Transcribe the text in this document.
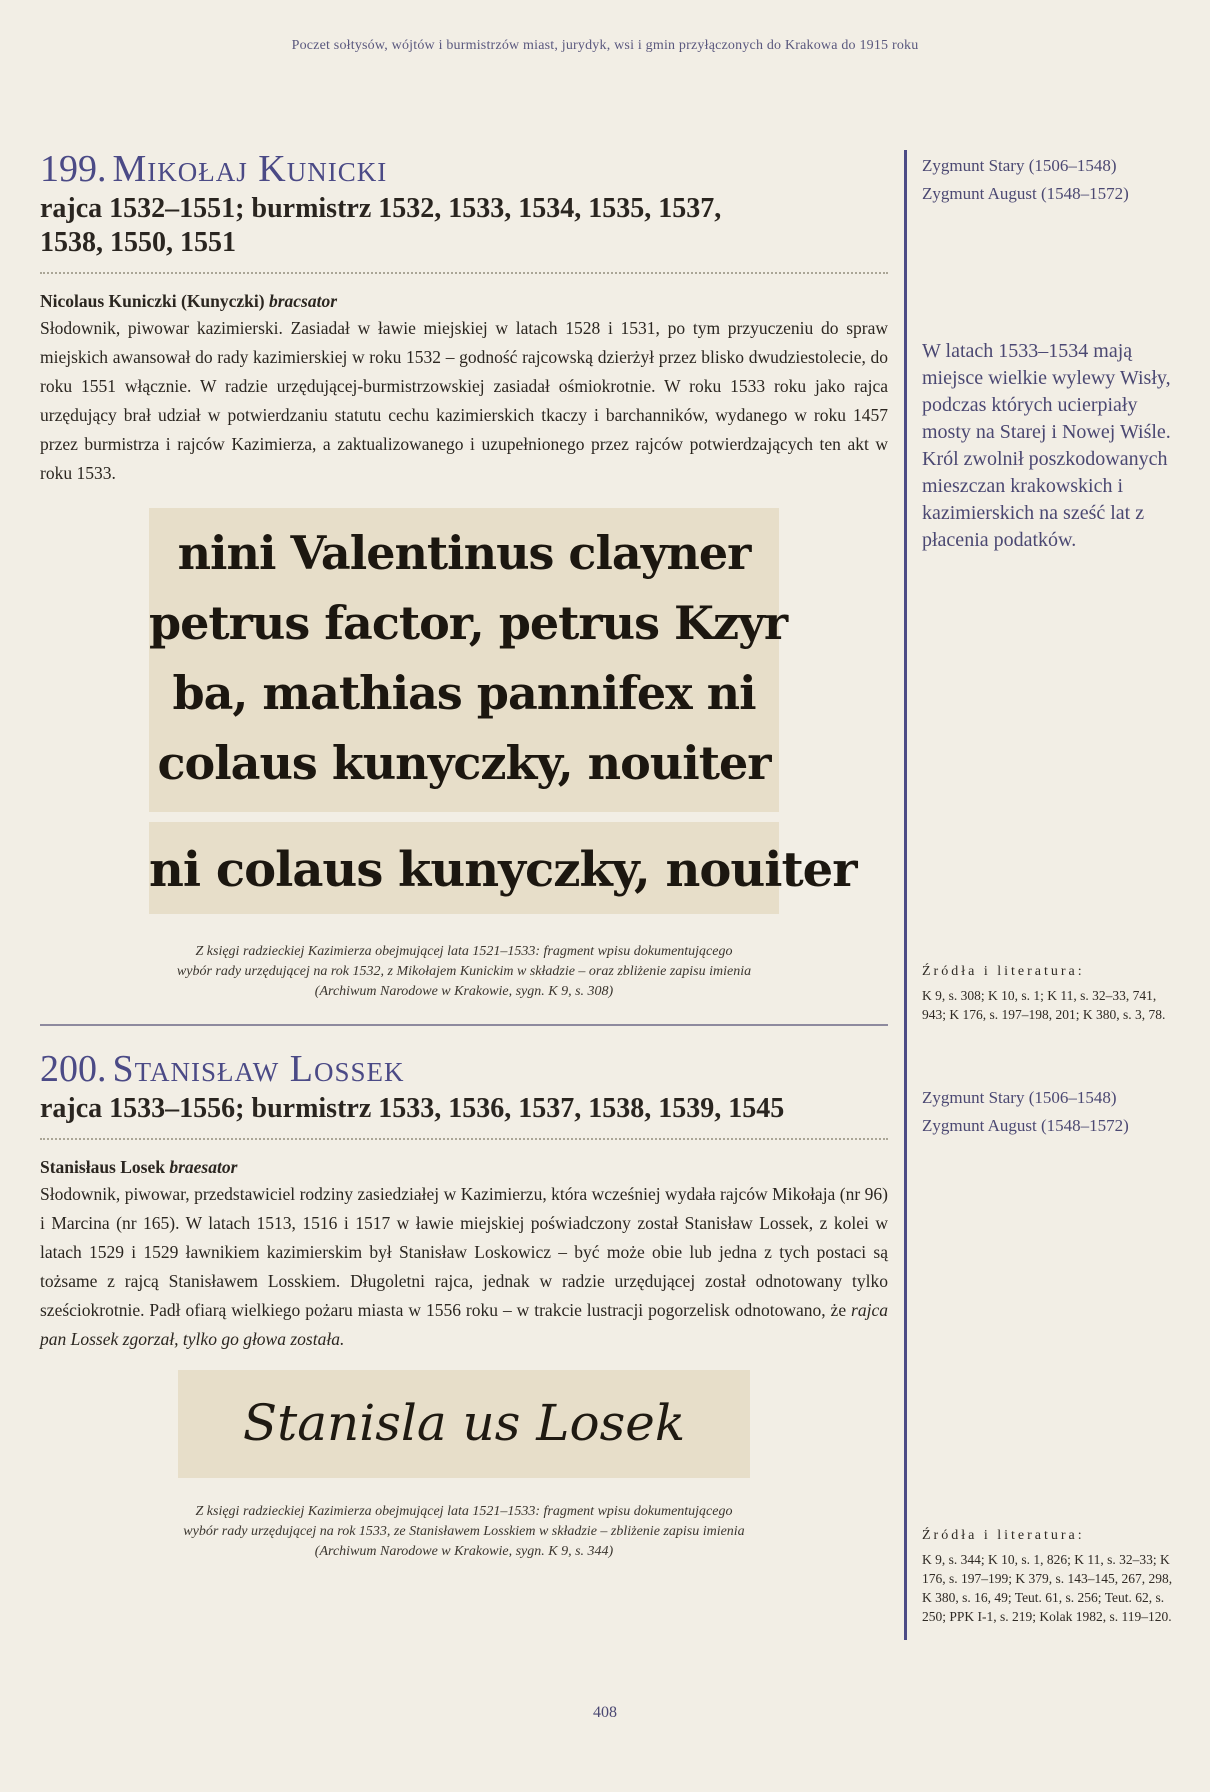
Poczet sołtysów, wójtów i burmistrzów miast, jurydyk, wsi i gmin przyłączonych do Krakowa do 1915 roku
199. Mikołaj Kunicki
rajca 1532–1551; burmistrz 1532, 1533, 1534, 1535, 1537,
1538, 1550, 1551
Nicolaus Kuniczki (Kunyczki) bracsator

Słodownik, piwowar kazimierski. Zasiadał w ławie miejskiej w latach 1528 i 1531, po tym przyuczeniu do spraw miejskich awansował do rady kazimierskiej w roku 1532 – godność rajcowską dzierżył przez blisko dwudziestolecie, do roku 1551 włącznie. W radzie urzędującej-burmistrzowskiej zasiadał ośmiokrotnie. W roku 1533 roku jako rajca urzędujący brał udział w potwierdzaniu statutu cechu kazimierskich tkaczy i barchanników, wydanego w roku 1457 przez burmistrza i rajców Kazimierza, a zaktualizowanego i uzupełnionego przez rajców potwierdzających ten akt w roku 1533.

nini Valentinus clayner
petrus factor, petrus Kzyr
ba, mathias pannifex ni
colaus kunyczky, nouiter
ni colaus kunyczky, nouiter
Z księgi radzieckiej Kazimierza obejmującej lata 1521–1533: fragment wpisu dokumentującego
wybór rady urzędującej na rok 1532, z Mikołajem Kunickim w składzie – oraz zbliżenie zapisu imienia
(Archiwum Narodowe w Krakowie, sygn. K 9, s. 308)
200. Stanisław Lossek
rajca 1533–1556; burmistrz 1533, 1536, 1537, 1538, 1539, 1545
Stanisłaus Losek braesator

Słodownik, piwowar, przedstawiciel rodziny zasiedziałej w Kazimierzu, która wcześniej wydała rajców Mikołaja (nr 96) i Marcina (nr 165). W latach 1513, 1516 i 1517 w ławie miejskiej poświadczony został Stanisław Lossek, z kolei w latach 1529 i 1529 ławnikiem kazimierskim był Stanisław Loskowicz – być może obie lub jedna z tych postaci są tożsame z rajcą Stanisławem Losskiem. Długoletni rajca, jednak w radzie urzędującej został odnotowany tylko sześciokrotnie. Padł ofiarą wielkiego pożaru miasta w 1556 roku – w trakcie lustracji pogorzelisk odnotowano, że rajca pan Lossek zgorzał, tylko go głowa została.

Stanisla us Losek
Z księgi radzieckiej Kazimierza obejmującej lata 1521–1533: fragment wpisu dokumentującego
wybór rady urzędującej na rok 1533, ze Stanisławem Losskiem w składzie – zbliżenie zapisu imienia
(Archiwum Narodowe w Krakowie, sygn. K 9, s. 344)
Zygmunt Stary (1506–1548)
Zygmunt August (1548–1572)
W latach 1533–1534 mają miejsce wielkie wylewy Wisły, podczas których ucierpiały mosty na Starej i Nowej Wiśle. Król zwolnił poszkodowanych mieszczan krakowskich i kazimierskich na sześć lat z płacenia podatków.
Źródła i literatura:
K 9, s. 308; K 10, s. 1; K 11, s. 32–33, 741, 943; K 176, s. 197–198, 201; K 380, s. 3, 78.
Zygmunt Stary (1506–1548)
Zygmunt August (1548–1572)
Źródła i literatura:
K 9, s. 344; K 10, s. 1, 826; K 11, s. 32–33; K 176, s. 197–199; K 379, s. 143–145, 267, 298, K 380, s. 16, 49; Teut. 61, s. 256; Teut. 62, s. 250; PPK I-1, s. 219; Kolak 1982, s. 119–120.
408
